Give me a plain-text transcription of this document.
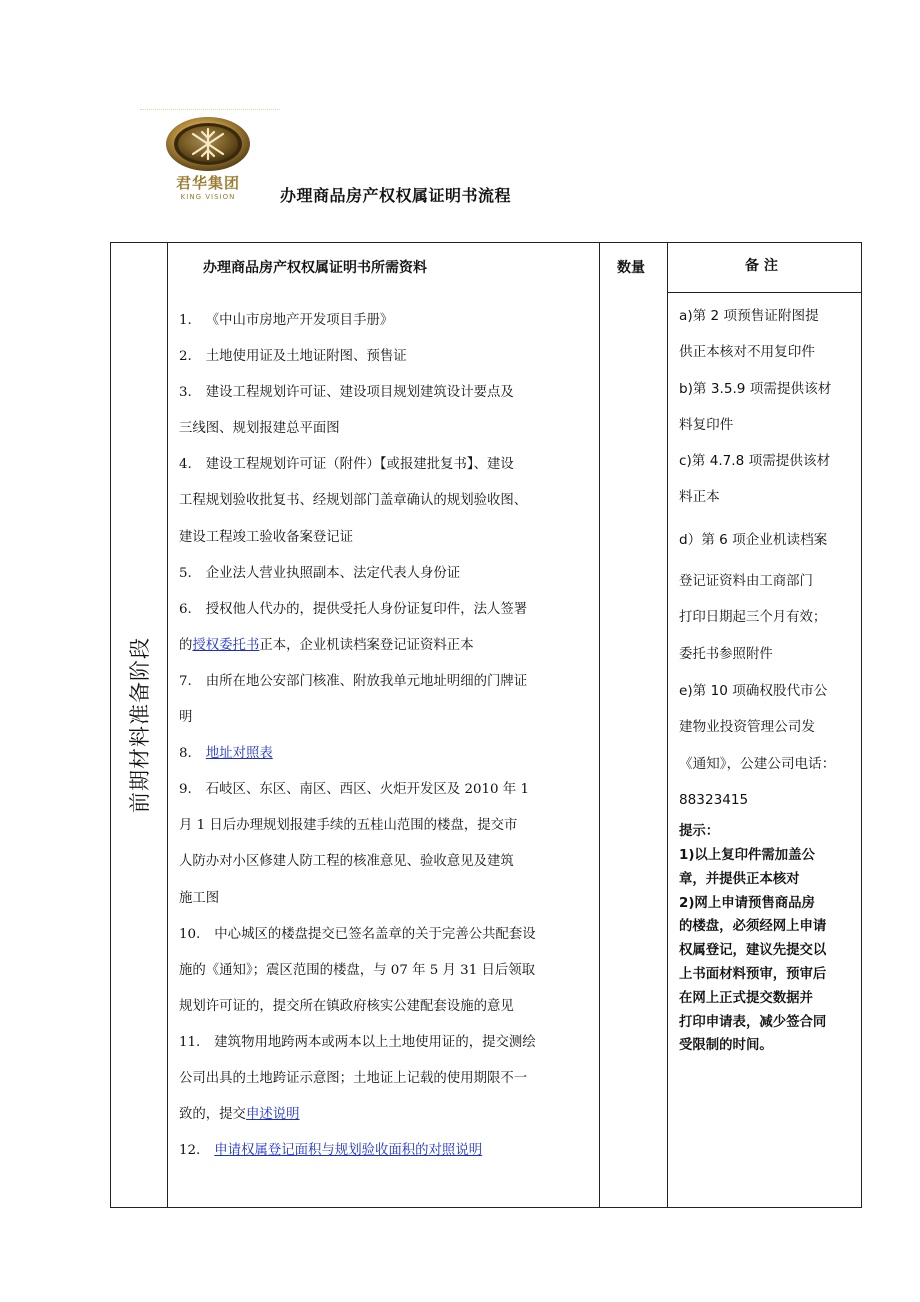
君华集团
KING VISION	办理商品房产权权属证明书流程
前期材料准备阶段
办理商品房产权权属证明书所需资料	数量	备 注
1. 《中山市房地产开发项目手册》
2. 土地使用证及土地证附图、预售证
3. 建设工程规划许可证、建设项目规划建筑设计要点及
三线图、规划报建总平面图
4. 建设工程规划许可证（附件）【或报建批复书】、建设
工程规划验收批复书、经规划部门盖章确认的规划验收图、
建设工程竣工验收备案登记证
5. 企业法人营业执照副本、法定代表人身份证
6. 授权他人代办的，提供受托人身份证复印件，法人签署
的授权委托书正本，企业机读档案登记证资料正本
7. 由所在地公安部门核准、附放我单元地址明细的门牌证
明
8. 地址对照表
9. 石岐区、东区、南区、西区、火炬开发区及 2010 年 1
月 1 日后办理规划报建手续的五桂山范围的楼盘，提交市
人防办对小区修建人防工程的核准意见、验收意见及建筑
施工图
10. 中心城区的楼盘提交已签名盖章的关于完善公共配套设
施的《通知》；震区范围的楼盘，与 07 年 5 月 31 日后领取
规划许可证的，提交所在镇政府核实公建配套设施的意见
11. 建筑物用地跨两本或两本以上土地使用证的，提交测绘
公司出具的土地跨证示意图；土地证上记载的使用期限不一
致的，提交申述说明
12. 申请权属登记面积与规划验收面积的对照说明
a)第 2 项预售证附图提
供正本核对不用复印件
b)第 3.5.9 项需提供该材
料复印件
c)第 4.7.8 项需提供该材
料正本
d）第 6 项企业机读档案
登记证资料由工商部门
打印日期起三个月有效；
委托书参照附件
e)第 10 项确权股代市公
建物业投资管理公司发
《通知》，公建公司电话：
88323415
提示：
1)以上复印件需加盖公
章，并提供正本核对
2)网上申请预售商品房
的楼盘，必须经网上申请
权属登记，建议先提交以
上书面材料预审，预审后
在网上正式提交数据并
打印申请表，减少签合同
受限制的时间。
